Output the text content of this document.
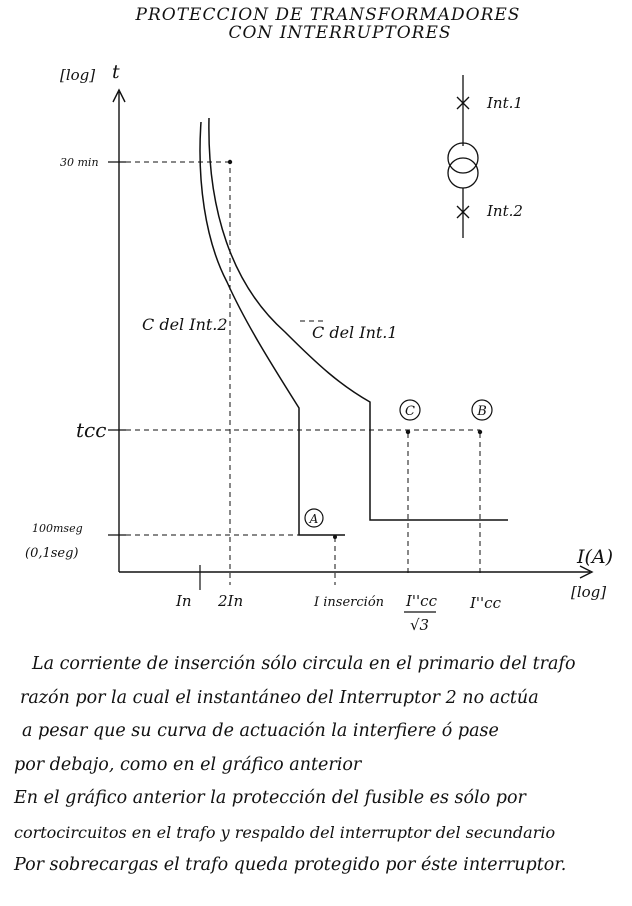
PROTECCION DE TRANSFORMADORES
CON INTERRUPTORES
[log] t
I(A)
[log]
30 min
tcc
100mseg
(0,1seg)
In 2In	I inserción I''cc
√3
I''cc
A
C	B
C del Int.2	C del Int.1
Int.1
Int.2
La corriente de inserción sólo circula en el primario del trafo
razón por la cual el instantáneo del Interruptor 2 no actúa
a pesar que su curva de actuación la interfiere ó pase
por debajo, como en el gráfico anterior
En el gráfico anterior la protección del fusible es sólo por
cortocircuitos en el trafo y respaldo del interruptor del secundario
Por sobrecargas el trafo queda protegido por éste interruptor.
